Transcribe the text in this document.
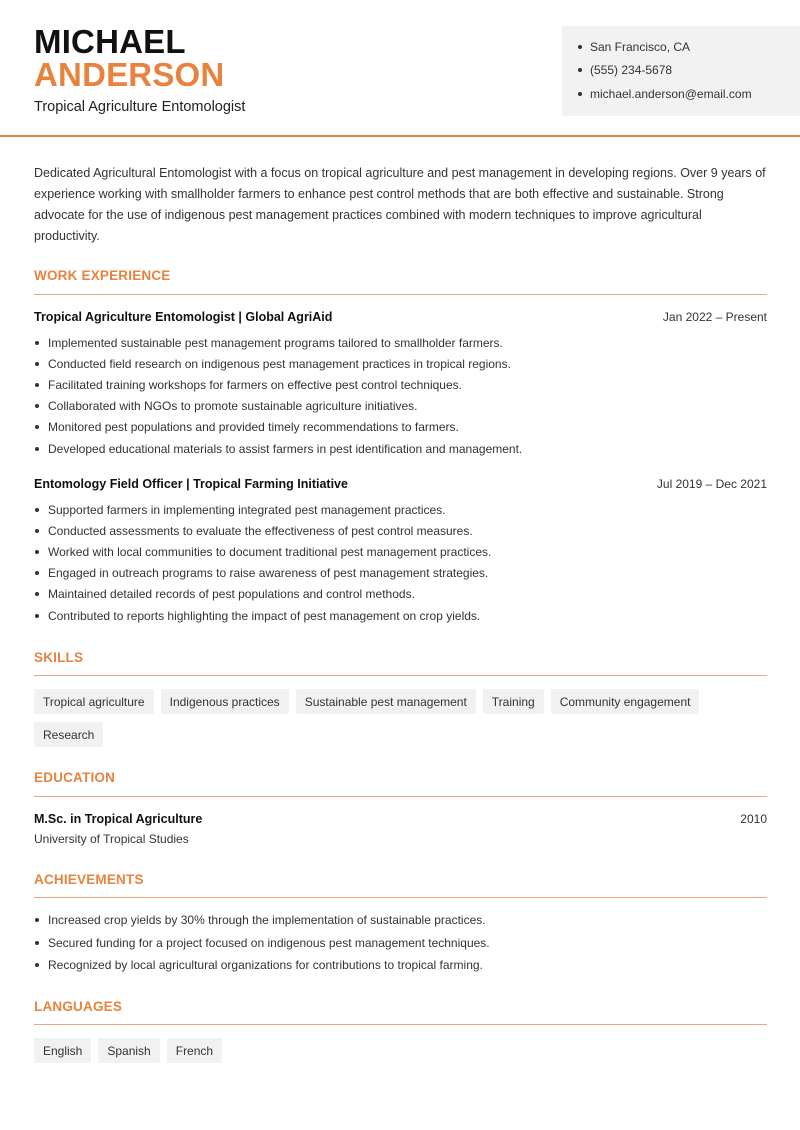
MICHAEL
ANDERSON
Tropical Agriculture Entomologist
San Francisco, CA
(555) 234-5678
michael.anderson@email.com

Dedicated Agricultural Entomologist with a focus on tropical agriculture and pest management in developing regions. Over 9 years of experience working with smallholder farmers to enhance pest control methods that are both effective and sustainable. Strong advocate for the use of indigenous pest management practices combined with modern techniques to improve agricultural productivity.

WORK EXPERIENCE
Tropical Agriculture Entomologist | Global AgriAid	Jan 2022 – Present
Implemented sustainable pest management programs tailored to smallholder farmers.
Conducted field research on indigenous pest management practices in tropical regions.
Facilitated training workshops for farmers on effective pest control techniques.
Collaborated with NGOs to promote sustainable agriculture initiatives.
Monitored pest populations and provided timely recommendations to farmers.
Developed educational materials to assist farmers in pest identification and management.
Entomology Field Officer | Tropical Farming Initiative	Jul 2019 – Dec 2021
Supported farmers in implementing integrated pest management practices.
Conducted assessments to evaluate the effectiveness of pest control measures.
Worked with local communities to document traditional pest management practices.
Engaged in outreach programs to raise awareness of pest management strategies.
Maintained detailed records of pest populations and control methods.
Contributed to reports highlighting the impact of pest management on crop yields.
SKILLS
Tropical agriculture	Indigenous practices	Sustainable pest management	Training	Community engagement
Research
EDUCATION
M.Sc. in Tropical Agriculture	2010
University of Tropical Studies
ACHIEVEMENTS
Increased crop yields by 30% through the implementation of sustainable practices.
Secured funding for a project focused on indigenous pest management techniques.
Recognized by local agricultural organizations for contributions to tropical farming.
LANGUAGES
English	Spanish	French
